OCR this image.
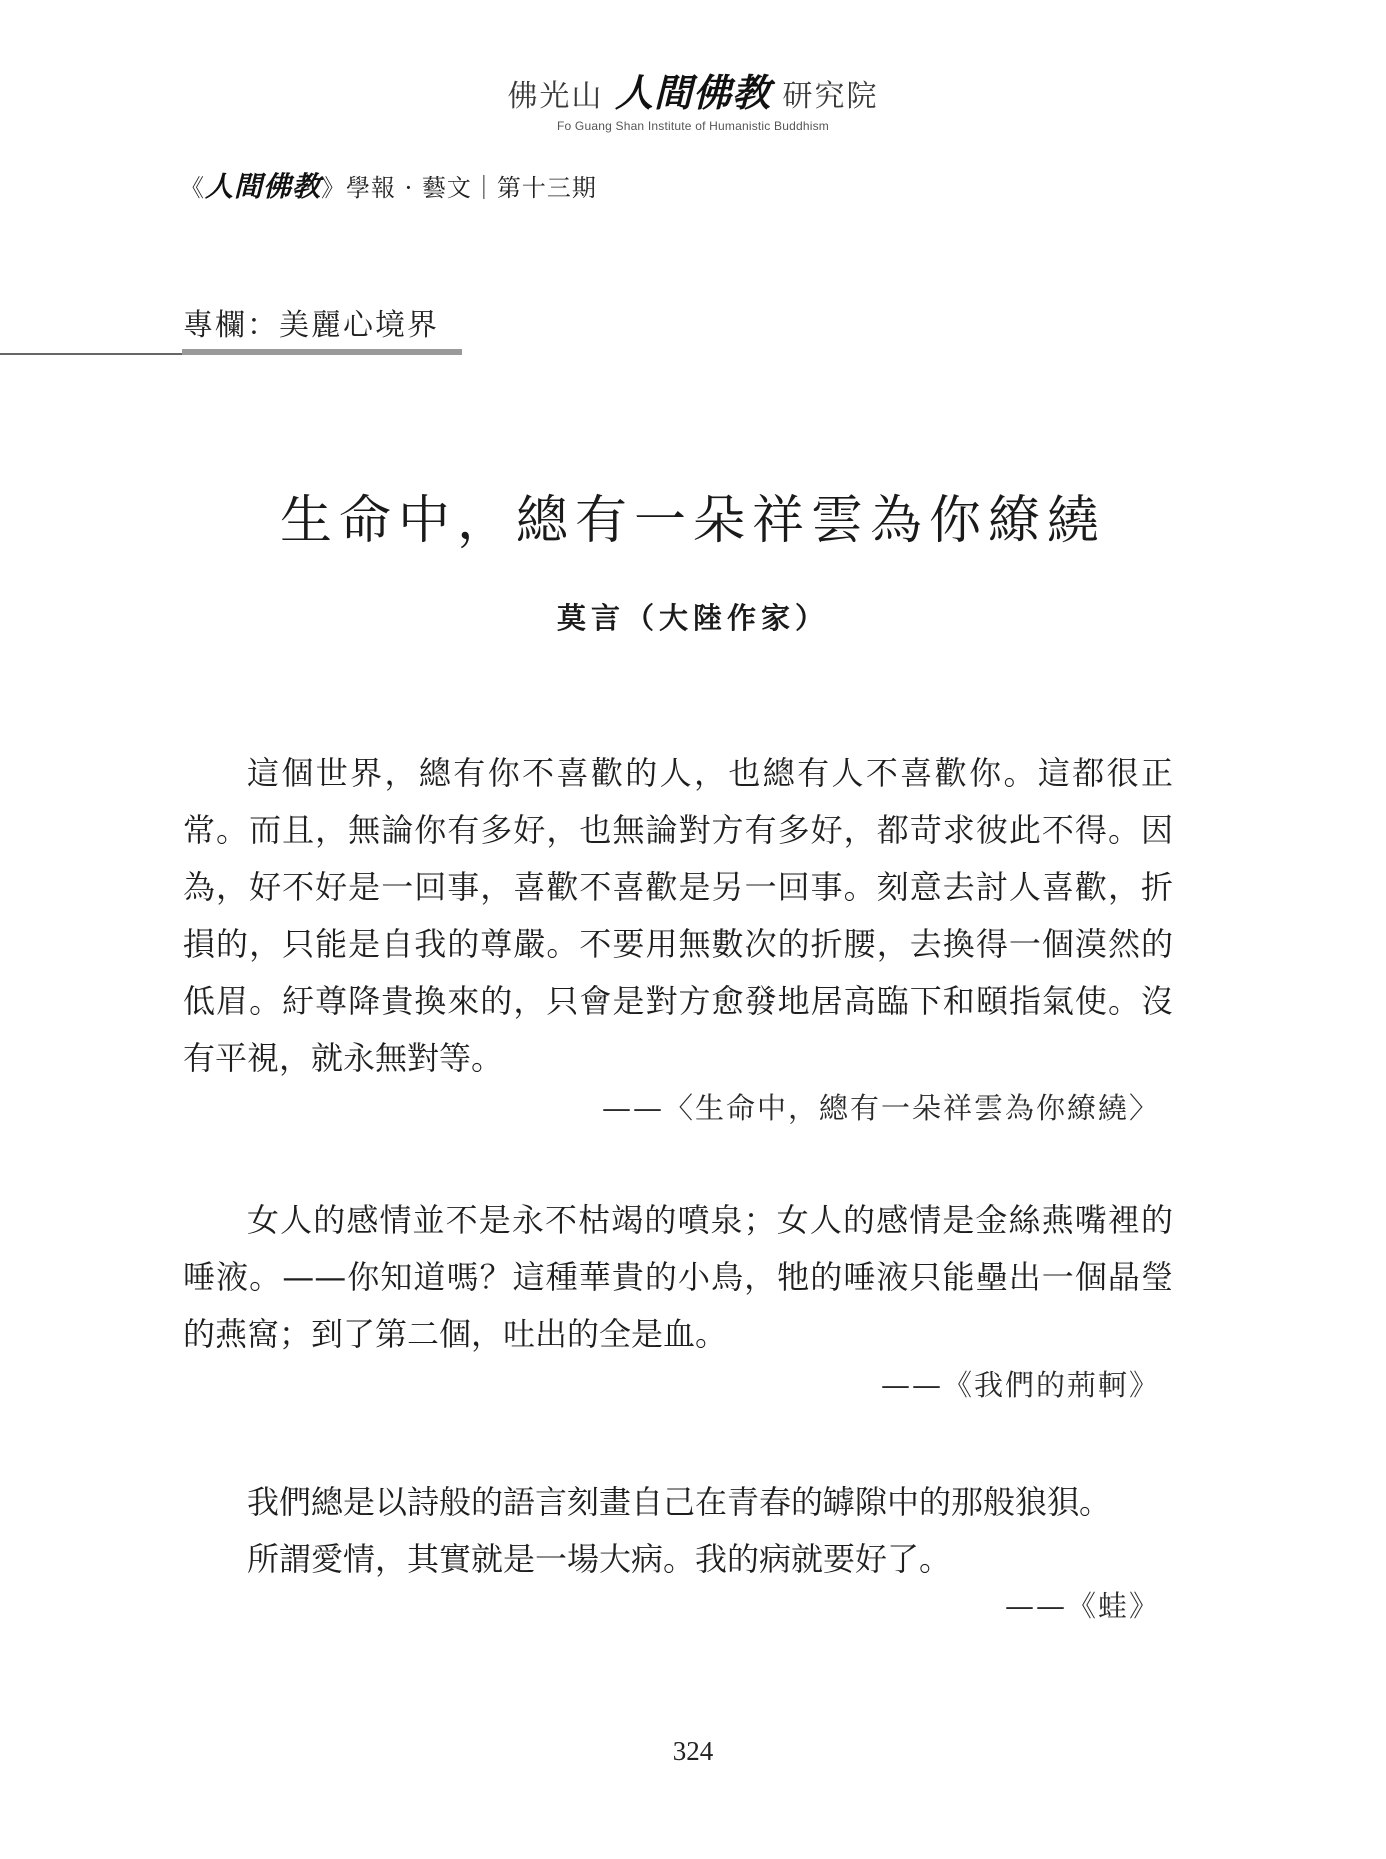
佛光山 人間佛教 研究院
Fo Guang Shan Institute of Humanistic Buddhism
《人間佛教》學報 · 藝文｜第十三期
專欄：美麗心境界
生命中，總有一朵祥雲為你繚繞
莫言（大陸作家）

這個世界，總有你不喜歡的人，也總有人不喜歡你。這都很正常。而且，無論你有多好，也無論對方有多好，都苛求彼此不得。因為，好不好是一回事，喜歡不喜歡是另一回事。刻意去討人喜歡，折損的，只能是自我的尊嚴。不要用無數次的折腰，去換得一個漠然的低眉。紆尊降貴換來的，只會是對方愈發地居高臨下和頤指氣使。沒有平視，就永無對等。

——〈生命中，總有一朵祥雲為你繚繞〉

女人的感情並不是永不枯竭的噴泉；女人的感情是金絲燕嘴裡的唾液。——你知道嗎？這種華貴的小鳥，牠的唾液只能壘出一個晶瑩的燕窩；到了第二個，吐出的全是血。

——《我們的荊軻》
我們總是以詩般的語言刻畫自己在青春的罅隙中的那般狼狽。
所謂愛情，其實就是一場大病。我的病就要好了。
——《蛙》
324
